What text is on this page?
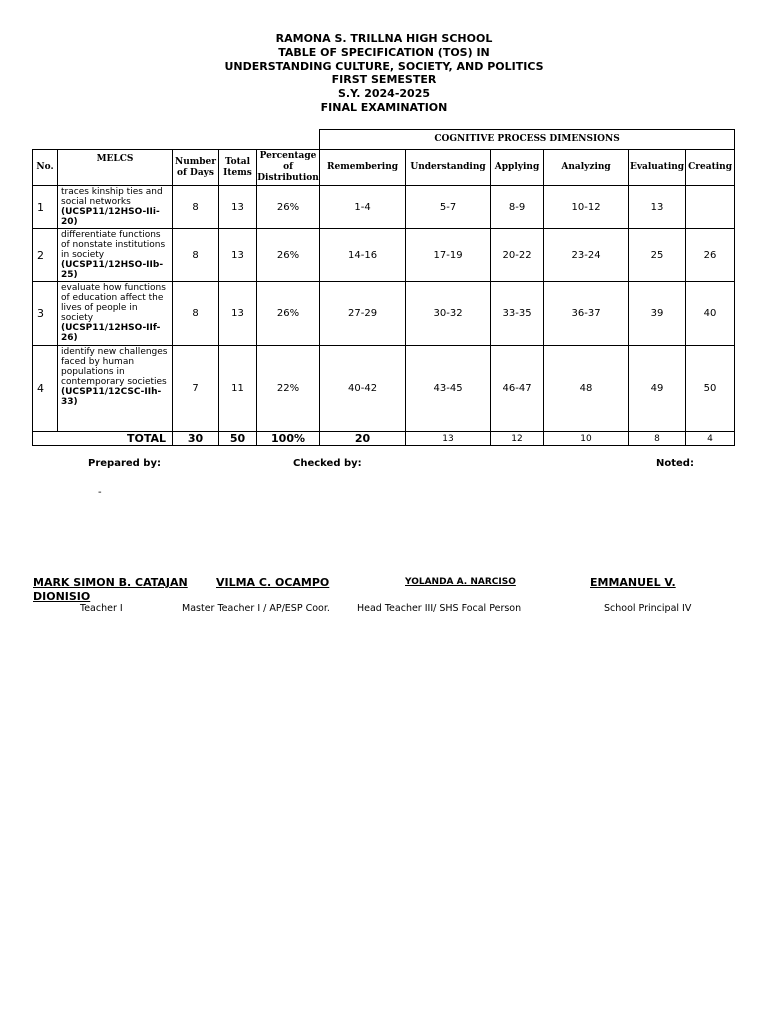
RAMONA S. TRILLNA HIGH SCHOOL
TABLE OF SPECIFICATION (TOS) IN
UNDERSTANDING CULTURE, SOCIETY, AND POLITICS
FIRST SEMESTER
S.Y. 2024-2025
FINAL EXAMINATION
					COGNITIVE PROCESS DIMENSIONS					
No.	MELCS	Number of Days	Total Items	Percentage of Distribution	Remembering	Understanding	Applying	Analyzing	Evaluating	Creating
1	traces kinship ties and social networks
(UCSP11/12HSO-IIi-20)	8	13	26%	1-4	5-7	8-9	10-12	13	
2	differentiate functions of nonstate institutions in society
(UCSP11/12HSO-IIb-25)	8	13	26%	14-16	17-19	20-22	23-24	25	26
3	evaluate how functions of education affect the lives of people in society
(UCSP11/12HSO-IIf-26)	8	13	26%	27-29	30-32	33-35	36-37	39	40
4	identify new challenges faced by human populations in contemporary societies
(UCSP11/12CSC-IIh-33)	7	11	22%	40-42	43-45	46-47	48	49	50
TOTAL		30	50	100%	20	13	12	10	8	4
Prepared by:	Checked by:	Noted:
-
MARK SIMON B. CATAJAN	VILMA C. OCAMPO	YOLANDA A. NARCISO	EMMANUEL V.
DIONISIO
Teacher I	Master Teacher I / AP/ESP Coor.	Head Teacher III/ SHS Focal Person	School Principal IV
